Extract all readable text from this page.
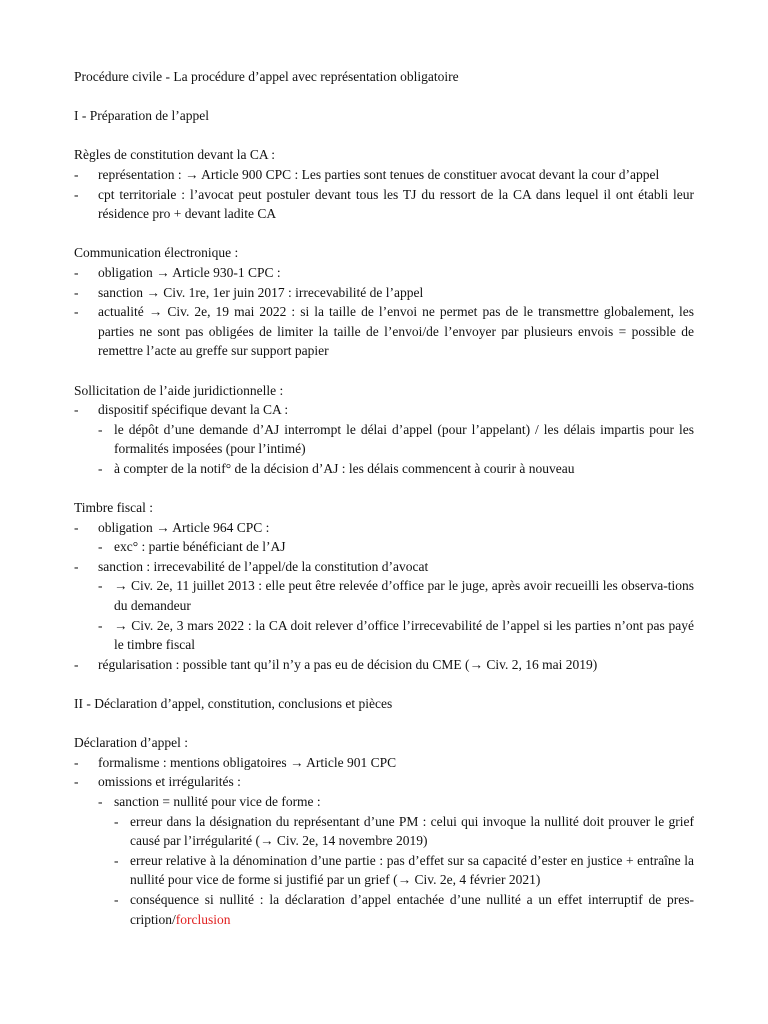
Procédure civile - La procédure d’appel avec représentation obligatoire

I - Préparation de l’appel

Règles de constitution devant la CA :

- représentation : → Article 900 CPC : Les parties sont tenues de constituer avocat devant la cour d’appel
- cpt territoriale : l’avocat peut postuler devant tous les TJ du ressort de la CA dans lequel il ont établi leur résidence pro + devant ladite CA

Communication électronique :

- obligation → Article 930-1 CPC :
- sanction → Civ. 1re, 1er juin 2017 : irrecevabilité de l’appel
- actualité → Civ. 2e, 19 mai 2022 : si la taille de l’envoi ne permet pas de le transmettre globalement, les parties ne sont pas obligées de limiter la taille de l’envoi/de l’envoyer par plusieurs envois = possible de remettre l’acte au greffe sur support papier

Sollicitation de l’aide juridictionnelle :

- dispositif spécifique devant la CA :
- le dépôt d’une demande d’AJ interrompt le délai d’appel (pour l’appelant) / les délais impartis pour les formalités imposées (pour l’intimé)
- à compter de la notif° de la décision d’AJ : les délais commencent à courir à nouveau

Timbre fiscal :

- obligation → Article 964 CPC :
- exc° : partie bénéficiant de l’AJ
- sanction : irrecevabilité de l’appel/de la constitution d’avocat
- → Civ. 2e, 11 juillet 2013 : elle peut être relevée d’office par le juge, après avoir recueilli les observa-tions du demandeur
- → Civ. 2e, 3 mars 2022 : la CA doit relever d’office l’irrecevabilité de l’appel si les parties n’ont pas payé le timbre fiscal
- régularisation : possible tant qu’il n’y a pas eu de décision du CME (→ Civ. 2, 16 mai 2019)

II - Déclaration d’appel, constitution, conclusions et pièces

Déclaration d’appel :

- formalisme : mentions obligatoires → Article 901 CPC
- omissions et irrégularités :
- sanction = nullité pour vice de forme :
- erreur dans la désignation du représentant d’une PM : celui qui invoque la nullité doit prouver le grief causé par l’irrégularité (→ Civ. 2e, 14 novembre 2019)
- erreur relative à la dénomination d’une partie : pas d’effet sur sa capacité d’ester en justice + entraîne la nullité pour vice de forme si justifié par un grief (→ Civ. 2e, 4 février 2021)
- conséquence si nullité : la déclaration d’appel entachée d’une nullité a un effet interruptif de pres-cription/forclusion
